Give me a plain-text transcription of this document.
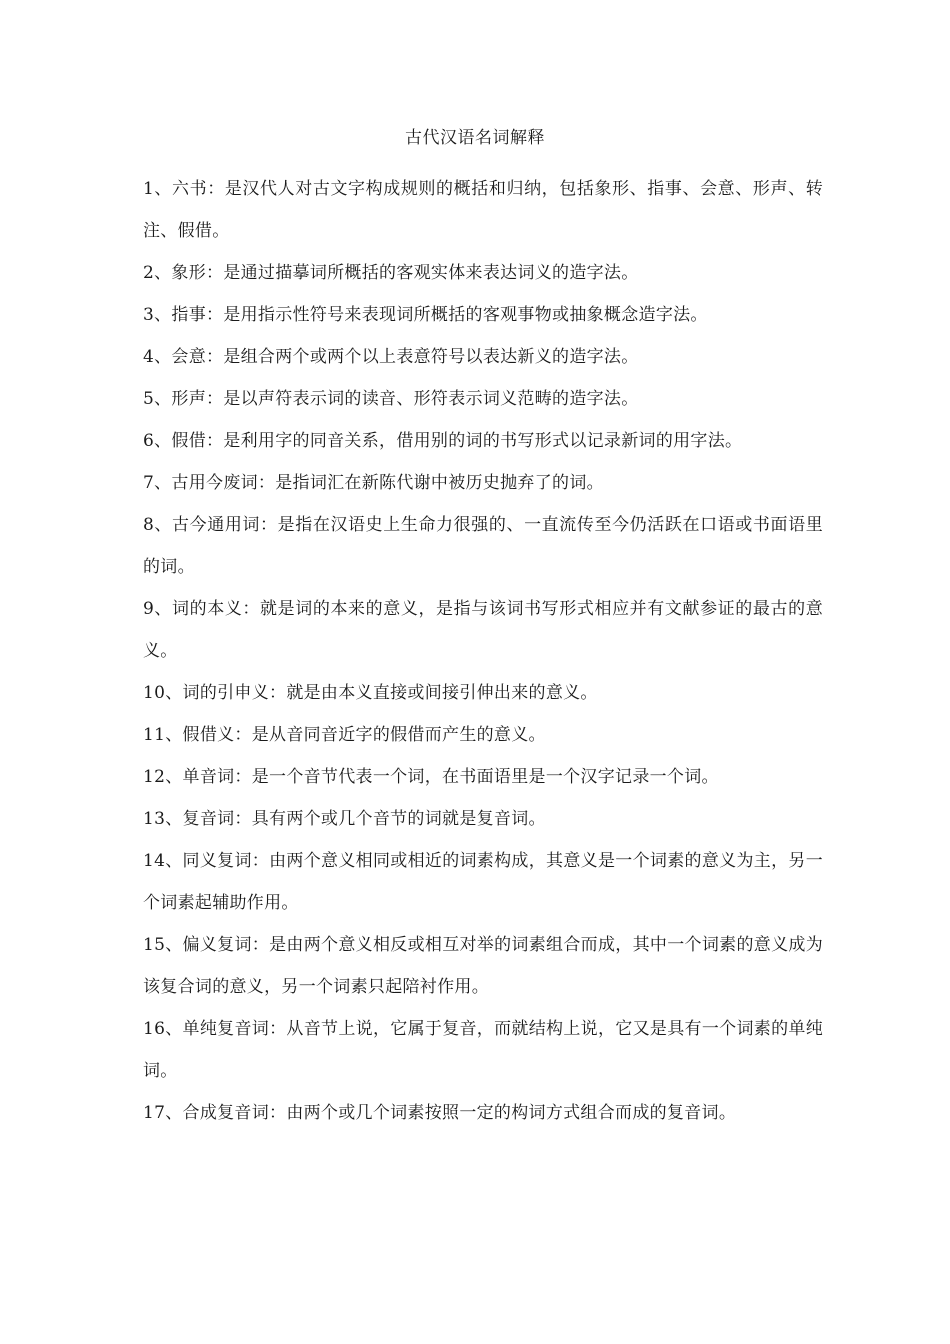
古代汉语名词解释
1、六书：是汉代人对古文字构成规则的概括和归纳，包括象形、指事、会意、形声、转注、假借。
2、象形：是通过描摹词所概括的客观实体来表达词义的造字法。
3、指事：是用指示性符号来表现词所概括的客观事物或抽象概念造字法。
4、会意：是组合两个或两个以上表意符号以表达新义的造字法。
5、形声：是以声符表示词的读音、形符表示词义范畴的造字法。
6、假借：是利用字的同音关系，借用别的词的书写形式以记录新词的用字法。
7、古用今废词：是指词汇在新陈代谢中被历史抛弃了的词。
8、古今通用词：是指在汉语史上生命力很强的、一直流传至今仍活跃在口语或书面语里的词。
9、词的本义：就是词的本来的意义，是指与该词书写形式相应并有文献参证的最古的意义。
10、词的引申义：就是由本义直接或间接引伸出来的意义。
11、假借义：是从音同音近字的假借而产生的意义。
12、单音词：是一个音节代表一个词，在书面语里是一个汉字记录一个词。
13、复音词：具有两个或几个音节的词就是复音词。
14、同义复词：由两个意义相同或相近的词素构成，其意义是一个词素的意义为主，另一个词素起辅助作用。
15、偏义复词：是由两个意义相反或相互对举的词素组合而成，其中一个词素的意义成为该复合词的意义，另一个词素只起陪衬作用。
16、单纯复音词：从音节上说，它属于复音，而就结构上说，它又是具有一个词素的单纯词。
17、合成复音词：由两个或几个词素按照一定的构词方式组合而成的复音词。
